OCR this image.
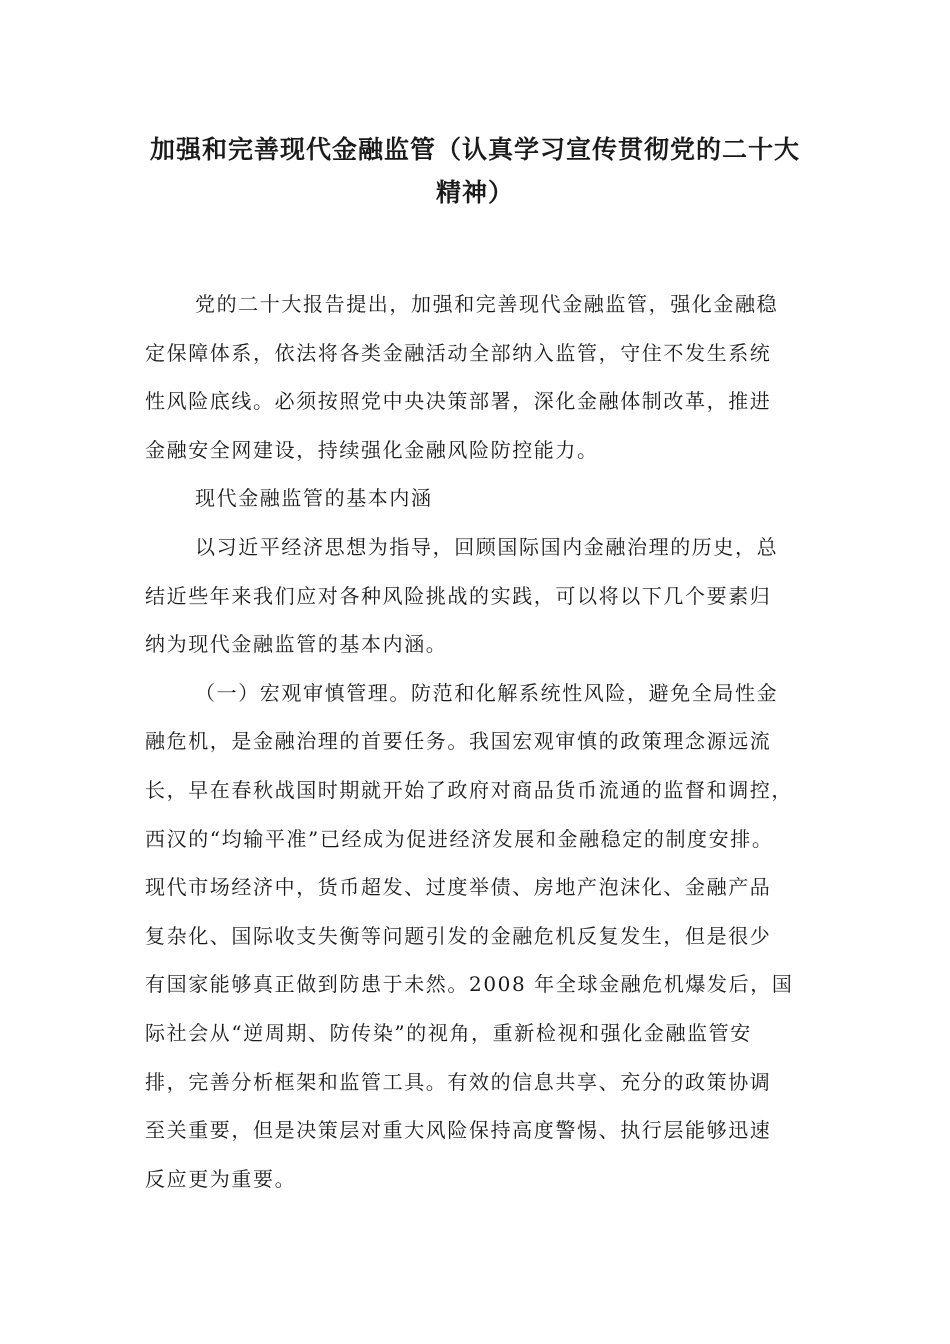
加强和完善现代金融监管（认真学习宣传贯彻党的二十大
精神）
党的二十大报告提出，加强和完善现代金融监管，强化金融稳
定保障体系，依法将各类金融活动全部纳入监管，守住不发生系统
性风险底线。必须按照党中央决策部署，深化金融体制改革，推进
金融安全网建设，持续强化金融风险防控能力。
现代金融监管的基本内涵
以习近平经济思想为指导，回顾国际国内金融治理的历史，总
结近些年来我们应对各种风险挑战的实践，可以将以下几个要素归
纳为现代金融监管的基本内涵。
（一）宏观审慎管理。防范和化解系统性风险，避免全局性金
融危机，是金融治理的首要任务。我国宏观审慎的政策理念源远流
长，早在春秋战国时期就开始了政府对商品货币流通的监督和调控，
西汉的“均输平准”已经成为促进经济发展和金融稳定的制度安排。
现代市场经济中，货币超发、过度举债、房地产泡沫化、金融产品
复杂化、国际收支失衡等问题引发的金融危机反复发生，但是很少
有国家能够真正做到防患于未然。2008 年全球金融危机爆发后，国
际社会从“逆周期、防传染”的视角，重新检视和强化金融监管安
排，完善分析框架和监管工具。有效的信息共享、充分的政策协调
至关重要，但是决策层对重大风险保持高度警惕、执行层能够迅速
反应更为重要。
